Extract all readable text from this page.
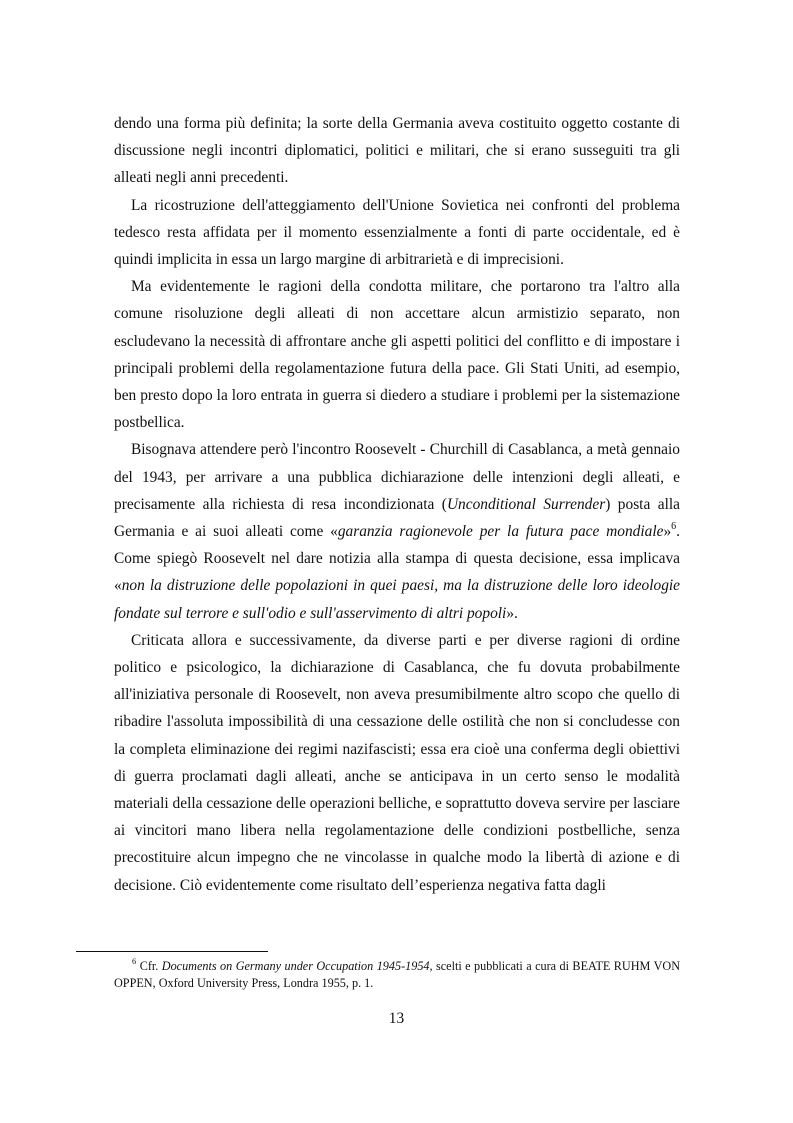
dendo una forma più definita; la sorte della Germania aveva costituito oggetto costante di discussione negli incontri diplomatici, politici e militari, che si erano susseguiti tra gli alleati negli anni precedenti.

La ricostruzione dell'atteggiamento dell'Unione Sovietica nei confronti del problema tedesco resta affidata per il momento essenzialmente a fonti di parte occidentale, ed è quindi implicita in essa un largo margine di arbitrarietà e di imprecisioni.

Ma evidentemente le ragioni della condotta militare, che portarono tra l'altro alla comune risoluzione degli alleati di non accettare alcun armistizio separato, non escludevano la necessità di affrontare anche gli aspetti politici del conflitto e di impostare i principali problemi della regolamentazione futura della pace. Gli Stati Uniti, ad esempio, ben presto dopo la loro entrata in guerra si diedero a studiare i problemi per la sistemazione postbellica.

Bisognava attendere però l'incontro Roosevelt - Churchill di Casablanca, a metà gennaio del 1943, per arrivare a una pubblica dichiarazione delle intenzioni degli alleati, e precisamente alla richiesta di resa incondizionata (Unconditional Surrender) posta alla Germania e ai suoi alleati come «garanzia ragionevole per la futura pace mondiale»$^6$. Come spiegò Roosevelt nel dare notizia alla stampa di questa decisione, essa implicava «non la distruzione delle popolazioni in quei paesi, ma la distruzione delle loro ideologie fondate sul terrore e sull'odio e sull'asservimento di altri popoli».

Criticata allora e successivamente, da diverse parti e per diverse ragioni di ordine politico e psicologico, la dichiarazione di Casablanca, che fu dovuta probabilmente all'iniziativa personale di Roosevelt, non aveva presumibilmente altro scopo che quello di ribadire l'assoluta impossibilità di una cessazione delle ostilità che non si concludesse con la completa eliminazione dei regimi nazifascisti; essa era cioè una conferma degli obiettivi di guerra proclamati dagli alleati, anche se anticipava in un certo senso le modalità materiali della cessazione delle operazioni belliche, e soprattutto doveva servire per lasciare ai vincitori mano libera nella regolamentazione delle condizioni postbelliche, senza precostituire alcun impegno che ne vincolasse in qualche modo la libertà di azione e di decisione. Ciò evidentemente come risultato dell’esperienza negativa fatta dagli

$^6$ Cfr. Documents on Germany under Occupation 1945-1954, scelti e pubblicati a cura di BEATE RUHM VON OPPEN, Oxford University Press, Londra 1955, p. 1.
13
